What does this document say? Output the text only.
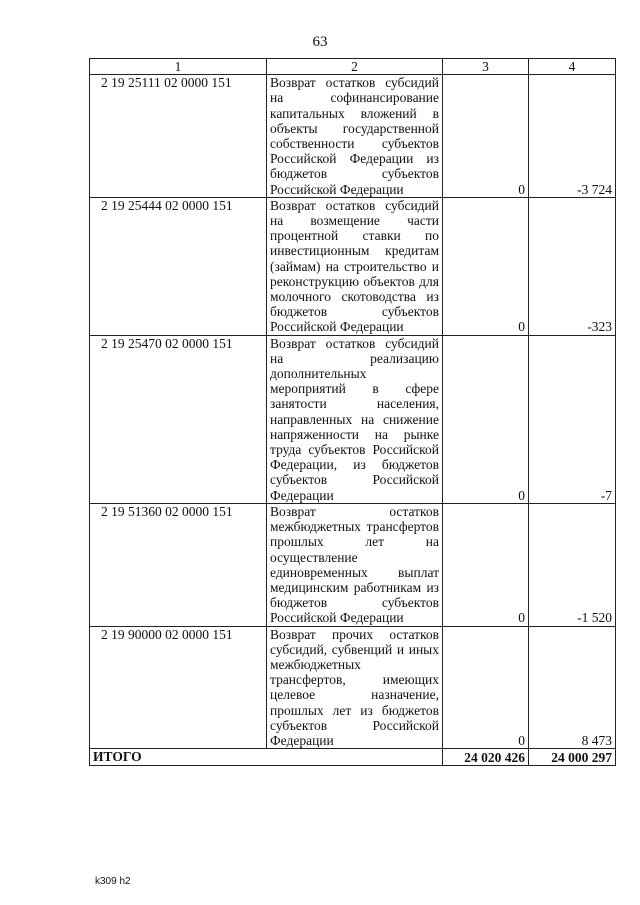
63
1	2	3	4
2 19 25111 02 0000 151	Возврат остатков субсидий на софинансирование капитальных вложений в объекты государственной собственности субъектов Российской Федерации из бюджетов субъектов Российской Федерации	0	-3 724
2 19 25444 02 0000 151	Возврат остатков субсидий на возмещение части процентной ставки по инвестиционным кредитам (займам) на строительство и реконструкцию объектов для молочного скотоводства из бюджетов субъектов Российской Федерации	0	-323
2 19 25470 02 0000 151	Возврат остатков субсидий на реализацию дополнительных мероприятий в сфере занятости населения, направленных на снижение напряженности на рынке труда субъектов Российской Федерации, из бюджетов субъектов Российской Федерации	0	-7
2 19 51360 02 0000 151	Возврат остатков межбюджетных трансфертов прошлых лет на осуществление единовременных выплат медицинским работникам из бюджетов субъектов Российской Федерации	0	-1 520
2 19 90000 02 0000 151	Возврат прочих остатков субсидий, субвенций и иных межбюджетных трансфертов, имеющих целевое назначение, прошлых лет из бюджетов субъектов Российской Федерации	0	8 473
ИТОГО		24 020 426	24 000 297
k309 h2
